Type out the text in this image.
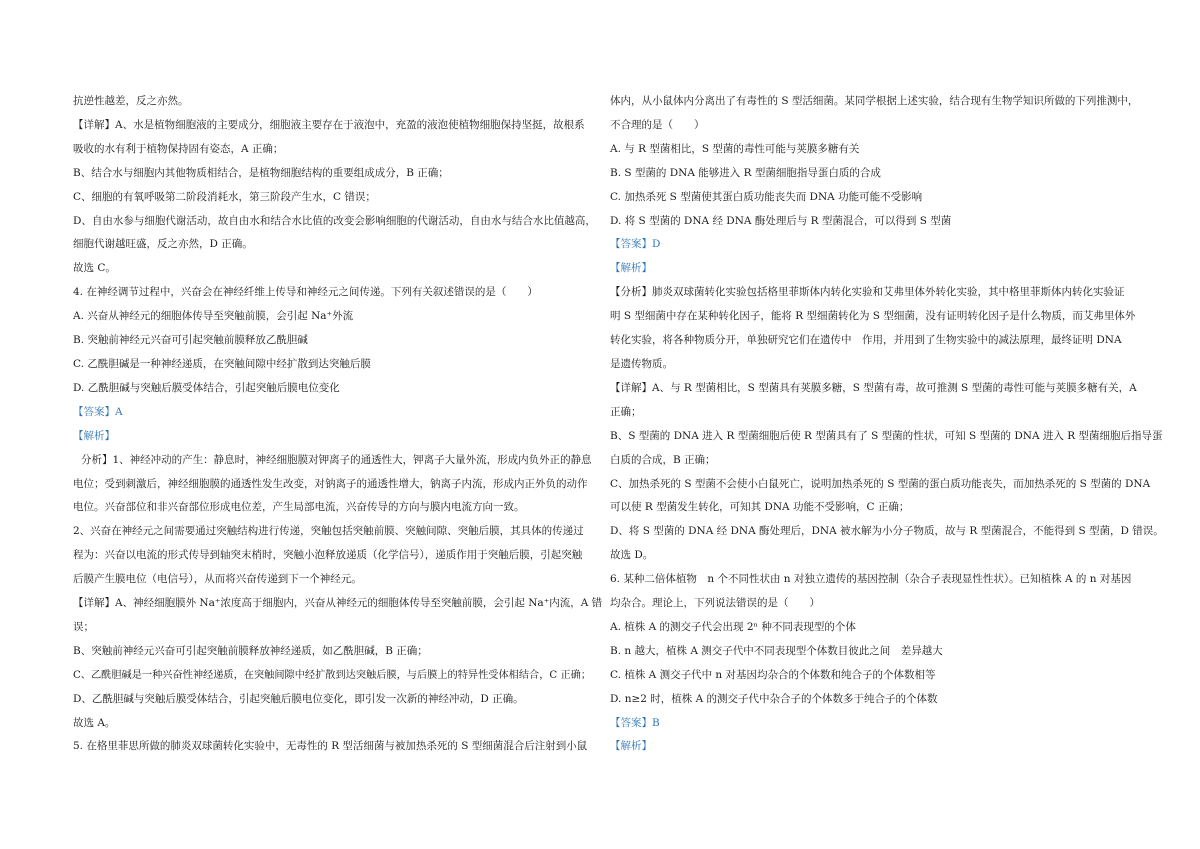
抗逆性越差，反之亦然。

【详解】A、水是植物细胞液的主要成分，细胞液主要存在于液泡中，充盈的液泡使植物细胞保持坚挺，故根系

吸收的水有利于植物保持固有姿态，A 正确；

B、结合水与细胞内其他物质相结合，是植物细胞结构的重要组成成分，B 正确；

C、细胞的有氧呼吸第二阶段消耗水，第三阶段产生水，C 错误；

D、自由水参与细胞代谢活动，故自由水和结合水比值的改变会影响细胞的代谢活动，自由水与结合水比值越高，

细胞代谢越旺盛，反之亦然，D 正确。

故选 C。

4. 在神经调节过程中，兴奋会在神经纤维上传导和神经元之间传递。下列有关叙述错误的是（　　）

A. 兴奋从神经元的细胞体传导至突触前膜，会引起 Na⁺外流

B. 突触前神经元兴奋可引起突触前膜释放乙酰胆碱

C. 乙酰胆碱是一种神经递质，在突触间隙中经扩散到达突触后膜

D. 乙酰胆碱与突触后膜受体结合，引起突触后膜电位变化

【答案】A

【解析】

分析】1、神经冲动的产生：静息时，神经细胞膜对钾离子的通透性大，钾离子大量外流，形成内负外正的静息

电位；受到刺激后，神经细胞膜的通透性发生改变，对钠离子的通透性增大，钠离子内流，形成内正外负的动作

电位。兴奋部位和非兴奋部位形成电位差，产生局部电流，兴奋传导的方向与膜内电流方向一致。

2、兴奋在神经元之间需要通过突触结构进行传递，突触包括突触前膜、突触间隙、突触后膜，其具体的传递过

程为：兴奋以电流的形式传导到轴突末梢时，突触小泡释放递质（化学信号），递质作用于突触后膜，引起突触

后膜产生膜电位（电信号），从而将兴奋传递到下一个神经元。

【详解】A、神经细胞膜外 Na⁺浓度高于细胞内，兴奋从神经元的细胞体传导至突触前膜，会引起 Na⁺内流，A 错

误；

B、突触前神经元兴奋可引起突触前膜释放神经递质，如乙酰胆碱，B 正确；

C、乙酰胆碱是一种兴奋性神经递质，在突触间隙中经扩散到达突触后膜，与后膜上的特异性受体相结合，C 正确；

D、乙酰胆碱与突触后膜受体结合，引起突触后膜电位变化，即引发一次新的神经冲动，D 正确。

故选 A。

5. 在格里菲思所做的肺炎双球菌转化实验中，无毒性的 R 型活细菌与被加热杀死的 S 型细菌混合后注射到小鼠

体内，从小鼠体内分离出了有毒性的 S 型活细菌。某同学根据上述实验，结合现有生物学知识所做的下列推测中，

不合理的是（　　）

A. 与 R 型菌相比，S 型菌的毒性可能与荚膜多糖有关

B. S 型菌的 DNA 能够进入 R 型菌细胞指导蛋白质的合成

C. 加热杀死 S 型菌使其蛋白质功能丧失而 DNA 功能可能不受影响

D. 将 S 型菌的 DNA 经 DNA 酶处理后与 R 型菌混合，可以得到 S 型菌

【答案】D

【解析】

【分析】肺炎双球菌转化实验包括格里菲斯体内转化实验和艾弗里体外转化实验，其中格里菲斯体内转化实验证

明 S 型细菌中存在某种转化因子，能将 R 型细菌转化为 S 型细菌，没有证明转化因子是什么物质，而艾弗里体外

转化实验，将各种物质分开，单独研究它们在遗传中　作用，并用到了生物实验中的减法原理，最终证明 DNA

是遗传物质。

【详解】A、与 R 型菌相比，S 型菌具有荚膜多糖，S 型菌有毒，故可推测 S 型菌的毒性可能与荚膜多糖有关，A

正确；

B、S 型菌的 DNA 进入 R 型菌细胞后使 R 型菌具有了 S 型菌的性状，可知 S 型菌的 DNA 进入 R 型菌细胞后指导蛋

白质的合成，B 正确；

C、加热杀死的 S 型菌不会使小白鼠死亡，说明加热杀死的 S 型菌的蛋白质功能丧失，而加热杀死的 S 型菌的 DNA

可以使 R 型菌发生转化，可知其 DNA 功能不受影响，C 正确；

D、将 S 型菌的 DNA 经 DNA 酶处理后，DNA 被水解为小分子物质，故与 R 型菌混合，不能得到 S 型菌，D 错误。

故选 D。

6. 某种二倍体植物　n 个不同性状由 n 对独立遗传的基因控制（杂合子表现显性性状）。已知植株 A 的 n 对基因

均杂合。理论上，下列说法错误的是（　　）

A. 植株 A 的测交子代会出现 2ⁿ 种不同表现型的个体

B. n 越大，植株 A 测交子代中不同表现型个体数目彼此之间　差异越大

C. 植株 A 测交子代中 n 对基因均杂合的个体数和纯合子的个体数相等

D. n≥2 时，植株 A 的测交子代中杂合子的个体数多于纯合子的个体数

【答案】B

【解析】
